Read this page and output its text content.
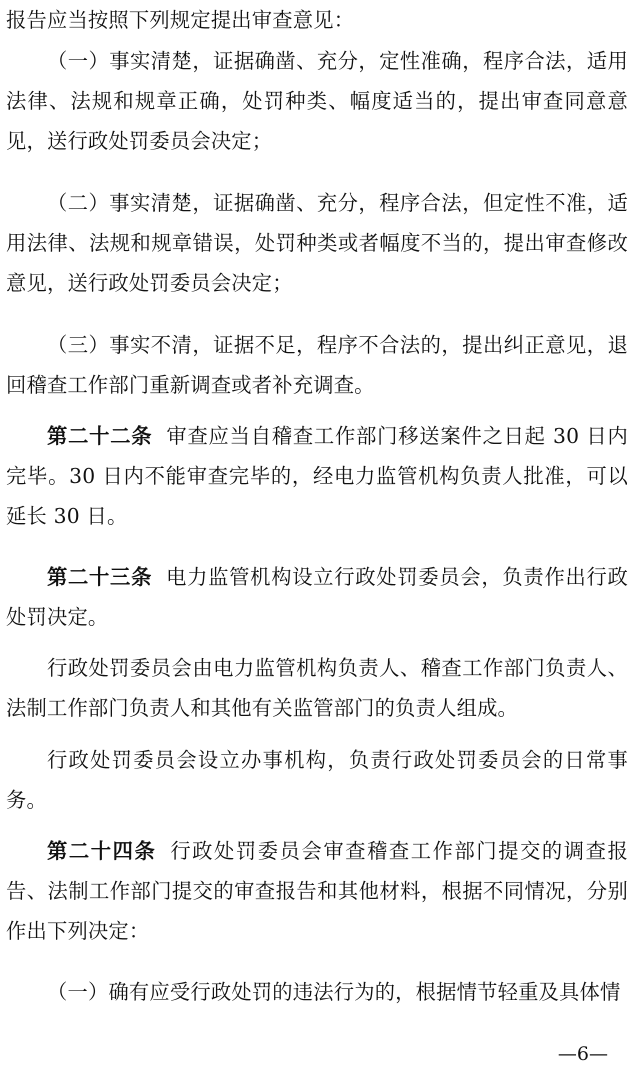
报告应当按照下列规定提出审查意见：

（一）事实清楚，证据确凿、充分，定性准确，程序合法，适用法律、法规和规章正确，处罚种类、幅度适当的，提出审查同意意见，送行政处罚委员会决定；

（二）事实清楚，证据确凿、充分，程序合法，但定性不准，适用法律、法规和规章错误，处罚种类或者幅度不当的，提出审查修改意见，送行政处罚委员会决定；

（三）事实不清，证据不足，程序不合法的，提出纠正意见，退回稽查工作部门重新调查或者补充调查。

第二十二条 审查应当自稽查工作部门移送案件之日起 30 日内完毕。30 日内不能审查完毕的，经电力监管机构负责人批准，可以延长 30 日。

第二十三条 电力监管机构设立行政处罚委员会，负责作出行政处罚决定。

行政处罚委员会由电力监管机构负责人、稽查工作部门负责人、法制工作部门负责人和其他有关监管部门的负责人组成。

行政处罚委员会设立办事机构，负责行政处罚委员会的日常事务。

第二十四条 行政处罚委员会审查稽查工作部门提交的调查报告、法制工作部门提交的审查报告和其他材料，根据不同情况，分别作出下列决定：

（一）确有应受行政处罚的违法行为的，根据情节轻重及具体情

—6—
